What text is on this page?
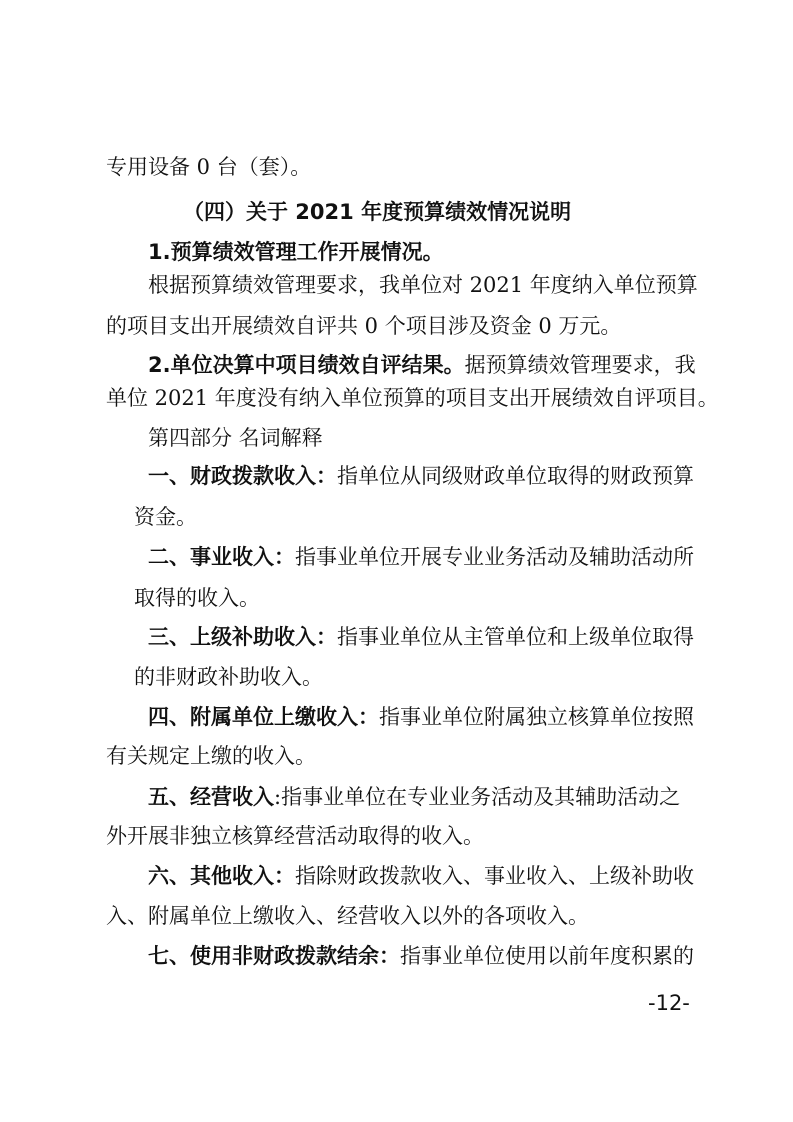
专用设备 0 台（套）。
（四）关于 2021 年度预算绩效情况说明
1.预算绩效管理工作开展情况。
根据预算绩效管理要求，我单位对 2021 年度纳入单位预算
的项目支出开展绩效自评共 0 个项目涉及资金 0 万元。
2.单位决算中项目绩效自评结果。据预算绩效管理要求，我
单位 2021 年度没有纳入单位预算的项目支出开展绩效自评项目。
第四部分 名词解释
一、财政拨款收入：指单位从同级财政单位取得的财政预算
资金。
二、事业收入：指事业单位开展专业业务活动及辅助活动所
取得的收入。
三、上级补助收入：指事业单位从主管单位和上级单位取得
的非财政补助收入。
四、附属单位上缴收入：指事业单位附属独立核算单位按照
有关规定上缴的收入。
五、经营收入:指事业单位在专业业务活动及其辅助活动之
外开展非独立核算经营活动取得的收入。
六、其他收入：指除财政拨款收入、事业收入、上级补助收
入、附属单位上缴收入、经营收入以外的各项收入。
七、使用非财政拨款结余：指事业单位使用以前年度积累的
-12-
